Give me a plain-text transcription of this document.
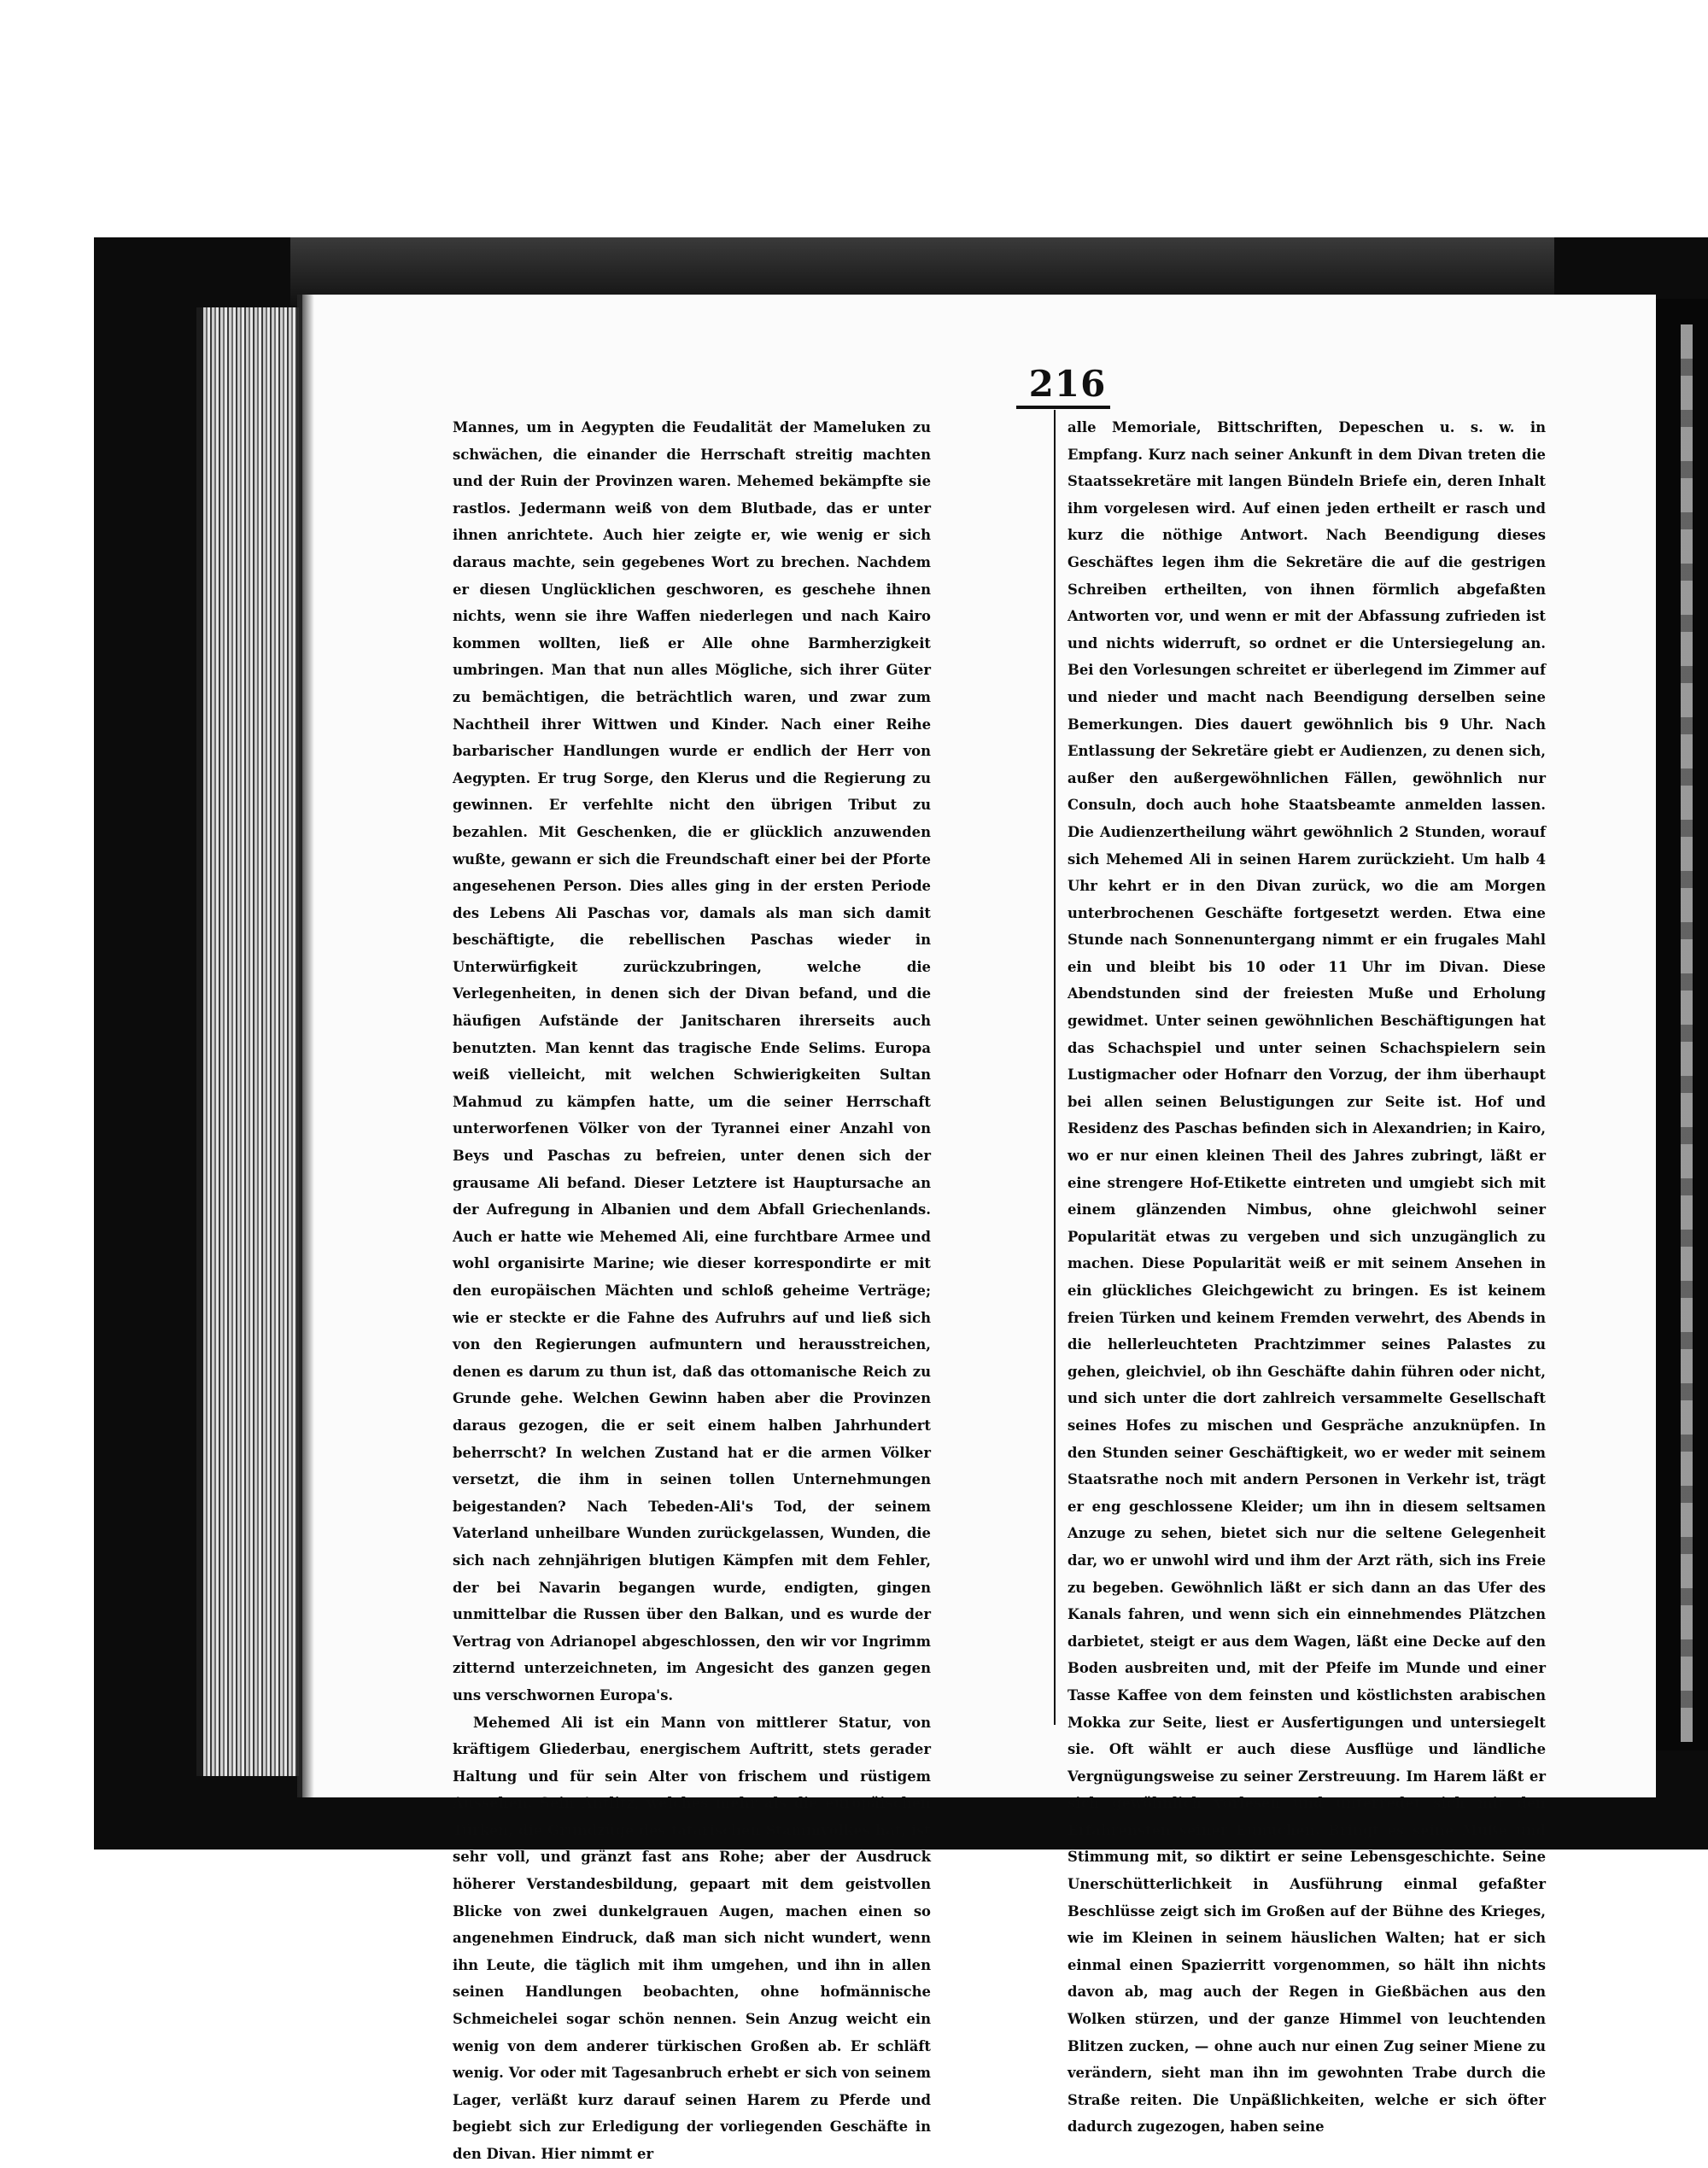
216

Mannes, um in Aegypten die Feudalität der Mameluken zu schwächen, die einander die Herrschaft streitig machten und der Ruin der Provinzen waren. Mehemed bekämpfte sie rastlos. Jedermann weiß von dem Blutbade, das er unter ihnen anrichtete. Auch hier zeigte er, wie wenig er sich daraus machte, sein gegebenes Wort zu brechen. Nachdem er diesen Unglücklichen geschworen, es geschehe ihnen nichts, wenn sie ihre Waffen niederlegen und nach Kairo kommen wollten, ließ er Alle ohne Barmherzigkeit umbringen. Man that nun alles Mögliche, sich ihrer Güter zu bemächtigen, die beträchtlich waren, und zwar zum Nachtheil ihrer Wittwen und Kinder. Nach einer Reihe barbarischer Handlungen wurde er endlich der Herr von Aegypten. Er trug Sorge, den Klerus und die Regierung zu gewinnen. Er verfehlte nicht den übrigen Tribut zu bezahlen. Mit Geschenken, die er glücklich anzuwenden wußte, gewann er sich die Freundschaft einer bei der Pforte angesehenen Person. Dies alles ging in der ersten Periode des Lebens Ali Paschas vor, damals als man sich damit beschäftigte, die rebellischen Paschas wieder in Unterwürfigkeit zurückzubringen, welche die Verlegenheiten, in denen sich der Divan befand, und die häufigen Aufstände der Janitscharen ihrerseits auch benutzten. Man kennt das tragische Ende Selims. Europa weiß vielleicht, mit welchen Schwierigkeiten Sultan Mahmud zu kämpfen hatte, um die seiner Herrschaft unterworfenen Völker von der Tyrannei einer Anzahl von Beys und Paschas zu befreien, unter denen sich der grausame Ali befand. Dieser Letztere ist Hauptursache an der Aufregung in Albanien und dem Abfall Griechenlands. Auch er hatte wie Mehemed Ali, eine furchtbare Armee und wohl organisirte Marine; wie dieser korrespondirte er mit den europäischen Mächten und schloß geheime Verträge; wie er steckte er die Fahne des Aufruhrs auf und ließ sich von den Regierungen aufmuntern und herausstreichen, denen es darum zu thun ist, daß das ottomanische Reich zu Grunde gehe. Welchen Gewinn haben aber die Provinzen daraus gezogen, die er seit einem halben Jahrhundert beherrscht? In welchen Zustand hat er die armen Völker versetzt, die ihm in seinen tollen Unternehmungen beigestanden? Nach Tebeden-Ali's Tod, der seinem Vaterland unheilbare Wunden zurückgelassen, Wunden, die sich nach zehnjährigen blutigen Kämpfen mit dem Fehler, der bei Navarin begangen wurde, endigten, gingen unmittelbar die Russen über den Balkan, und es wurde der Vertrag von Adrianopel abgeschlossen, den wir vor Ingrimm zitternd unterzeichneten, im Angesicht des ganzen gegen uns verschwornen Europa's.

Mehemed Ali ist ein Mann von mittlerer Statur, von kräftigem Gliederbau, energischem Auftritt, stets gerader Haltung und für sein Alter von frischem und rüstigem Aussehen. Sein Antlitz, welches mehr als die europäischen Türken, die Grundzüge des tatarischen Stammvolkes hat, ist sehr voll, und gränzt fast ans Rohe; aber der Ausdruck höherer Verstandesbildung, gepaart mit dem geistvollen Blicke von zwei dunkelgrauen Augen, machen einen so angenehmen Eindruck, daß man sich nicht wundert, wenn ihn Leute, die täglich mit ihm umgehen, und ihn in allen seinen Handlungen beobachten, ohne hofmännische Schmeichelei sogar schön nennen. Sein Anzug weicht ein wenig von dem anderer türkischen Großen ab. Er schläft wenig. Vor oder mit Tagesanbruch erhebt er sich von seinem Lager, verläßt kurz darauf seinen Harem zu Pferde und begiebt sich zur Erledigung der vorliegenden Geschäfte in den Divan. Hier nimmt er

alle Memoriale, Bittschriften, Depeschen u. s. w. in Empfang. Kurz nach seiner Ankunft in dem Divan treten die Staatssekretäre mit langen Bündeln Briefe ein, deren Inhalt ihm vorgelesen wird. Auf einen jeden ertheilt er rasch und kurz die nöthige Antwort. Nach Beendigung dieses Geschäftes legen ihm die Sekretäre die auf die gestrigen Schreiben ertheilten, von ihnen förmlich abgefaßten Antworten vor, und wenn er mit der Abfassung zufrieden ist und nichts widerruft, so ordnet er die Untersiegelung an. Bei den Vorlesungen schreitet er überlegend im Zimmer auf und nieder und macht nach Beendigung derselben seine Bemerkungen. Dies dauert gewöhnlich bis 9 Uhr. Nach Entlassung der Sekretäre giebt er Audienzen, zu denen sich, außer den außergewöhnlichen Fällen, gewöhnlich nur Consuln, doch auch hohe Staatsbeamte anmelden lassen. Die Audienzertheilung währt gewöhnlich 2 Stunden, worauf sich Mehemed Ali in seinen Harem zurückzieht. Um halb 4 Uhr kehrt er in den Divan zurück, wo die am Morgen unterbrochenen Geschäfte fortgesetzt werden. Etwa eine Stunde nach Sonnenuntergang nimmt er ein frugales Mahl ein und bleibt bis 10 oder 11 Uhr im Divan. Diese Abendstunden sind der freiesten Muße und Erholung gewidmet. Unter seinen gewöhnlichen Beschäftigungen hat das Schachspiel und unter seinen Schachspielern sein Lustigmacher oder Hofnarr den Vorzug, der ihm überhaupt bei allen seinen Belustigungen zur Seite ist. Hof und Residenz des Paschas befinden sich in Alexandrien; in Kairo, wo er nur einen kleinen Theil des Jahres zubringt, läßt er eine strengere Hof-Etikette eintreten und umgiebt sich mit einem glänzenden Nimbus, ohne gleichwohl seiner Popularität etwas zu vergeben und sich unzugänglich zu machen. Diese Popularität weiß er mit seinem Ansehen in ein glückliches Gleichgewicht zu bringen. Es ist keinem freien Türken und keinem Fremden verwehrt, des Abends in die hellerleuchteten Prachtzimmer seines Palastes zu gehen, gleichviel, ob ihn Geschäfte dahin führen oder nicht, und sich unter die dort zahlreich versammelte Gesellschaft seines Hofes zu mischen und Gespräche anzuknüpfen. In den Stunden seiner Geschäftigkeit, wo er weder mit seinem Staatsrathe noch mit andern Personen in Verkehr ist, trägt er eng geschlossene Kleider; um ihn in diesem seltsamen Anzuge zu sehen, bietet sich nur die seltene Gelegenheit dar, wo er unwohl wird und ihm der Arzt räth, sich ins Freie zu begeben. Gewöhnlich läßt er sich dann an das Ufer des Kanals fahren, und wenn sich ein einnehmendes Plätzchen darbietet, steigt er aus dem Wagen, läßt eine Decke auf den Boden ausbreiten und, mit der Pfeife im Munde und einer Tasse Kaffee von dem feinsten und köstlichsten arabischen Mokka zur Seite, liest er Ausfertigungen und untersiegelt sie. Oft wählt er auch diese Ausflüge und ländliche Vergnügungsweise zu seiner Zerstreuung. Im Harem läßt er sich gewöhnlich vorlesen und unterredet sich mit den Erfahrensten seiner Eunuchen. Bringt es seine Muße und Stimmung mit, so diktirt er seine Lebensgeschichte. Seine Unerschütterlichkeit in Ausführung einmal gefaßter Beschlüsse zeigt sich im Großen auf der Bühne des Krieges, wie im Kleinen in seinem häuslichen Walten; hat er sich einmal einen Spazierritt vorgenommen, so hält ihn nichts davon ab, mag auch der Regen in Gießbächen aus den Wolken stürzen, und der ganze Himmel von leuchtenden Blitzen zucken, — ohne auch nur einen Zug seiner Miene zu verändern, sieht man ihn im gewohnten Trabe durch die Straße reiten. Die Unpäßlichkeiten, welche er sich öfter dadurch zugezogen, haben seine
